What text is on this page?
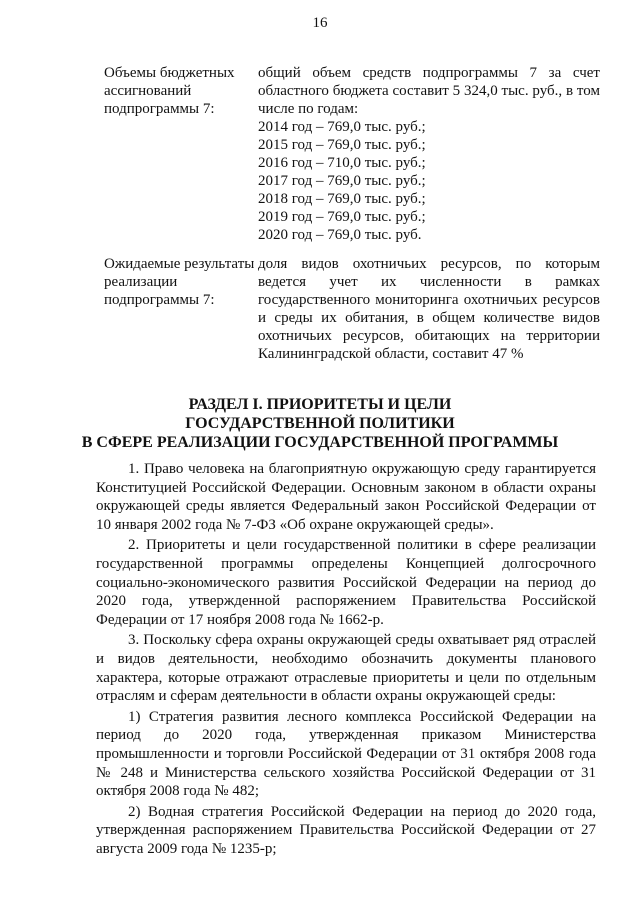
16
Объемы бюджетных
ассигнований
подпрограммы 7:
общий объем средств подпрограммы 7 за счет областного бюджета составит 5 324,0 тыс. руб., в том числе по годам:
2014 год – 769,0 тыс. руб.;
2015 год – 769,0 тыс. руб.;
2016 год – 710,0 тыс. руб.;
2017 год – 769,0 тыс. руб.;
2018 год – 769,0 тыс. руб.;
2019 год – 769,0 тыс. руб.;
2020 год – 769,0 тыс. руб.
Ожидаемые результаты
реализации
подпрограммы 7:
доля видов охотничьих ресурсов, по которым ведется учет их численности в рамках государственного мониторинга охотничьих ресурсов и среды их обитания, в общем количестве видов охотничьих ресурсов, обитающих на территории Калининградской области, составит 47 %
РАЗДЕЛ I. ПРИОРИТЕТЫ И ЦЕЛИ
ГОСУДАРСТВЕННОЙ ПОЛИТИКИ
В СФЕРЕ РЕАЛИЗАЦИИ ГОСУДАРСТВЕННОЙ ПРОГРАММЫ

1. Право человека на благоприятную окружающую среду гарантируется Конституцией Российской Федерации. Основным законом в области охраны окружающей среды является Федеральный закон Российской Федерации от 10 января 2002 года № 7-ФЗ «Об охране окружающей среды».

2. Приоритеты и цели государственной политики в сфере реализации государственной программы определены Концепцией долгосрочного социально-экономического развития Российской Федерации на период до 2020 года, утвержденной распоряжением Правительства Российской Федерации от 17 ноября 2008 года № 1662-р.

3. Поскольку сфера охраны окружающей среды охватывает ряд отраслей и видов деятельности, необходимо обозначить документы планового характера, которые отражают отраслевые приоритеты и цели по отдельным отраслям и сферам деятельности в области охраны окружающей среды:

1) Стратегия развития лесного комплекса Российской Федерации на период до 2020 года, утвержденная приказом Министерства промышленности и торговли Российской Федерации от 31 октября 2008 года № 248 и Министерства сельского хозяйства Российской Федерации от 31 октября 2008 года № 482;

2) Водная стратегия Российской Федерации на период до 2020 года, утвержденная распоряжением Правительства Российской Федерации от 27 августа 2009 года № 1235-р;
